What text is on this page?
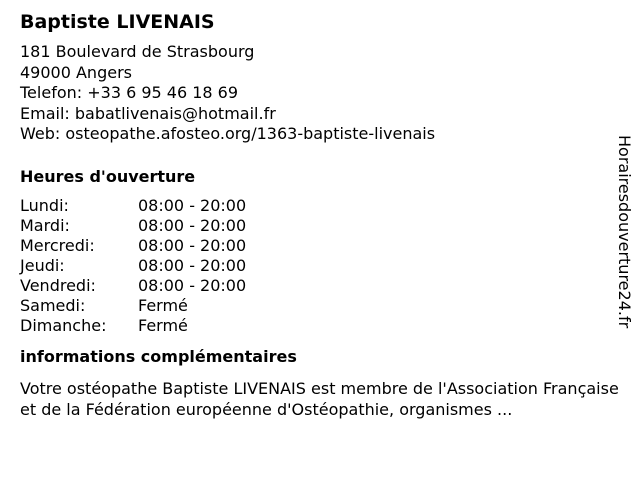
Baptiste LIVENAIS
181 Boulevard de Strasbourg
49000 Angers
Telefon: +33 6 95 46 18 69
Email: babatlivenais@hotmail.fr
Web: osteopathe.afosteo.org/1363-baptiste-livenais
Heures d'ouverture
Lundi:	08:00 - 20:00
Mardi:	08:00 - 20:00
Mercredi:	08:00 - 20:00
Jeudi:	08:00 - 20:00
Vendredi:	08:00 - 20:00
Samedi:	Fermé
Dimanche:	Fermé
informations complémentaires
Votre ostéopathe Baptiste LIVENAIS est membre de l'Association Française et de la Fédération européenne d'Ostéopathie, organismes ...
Horairesdouverture24.fr
